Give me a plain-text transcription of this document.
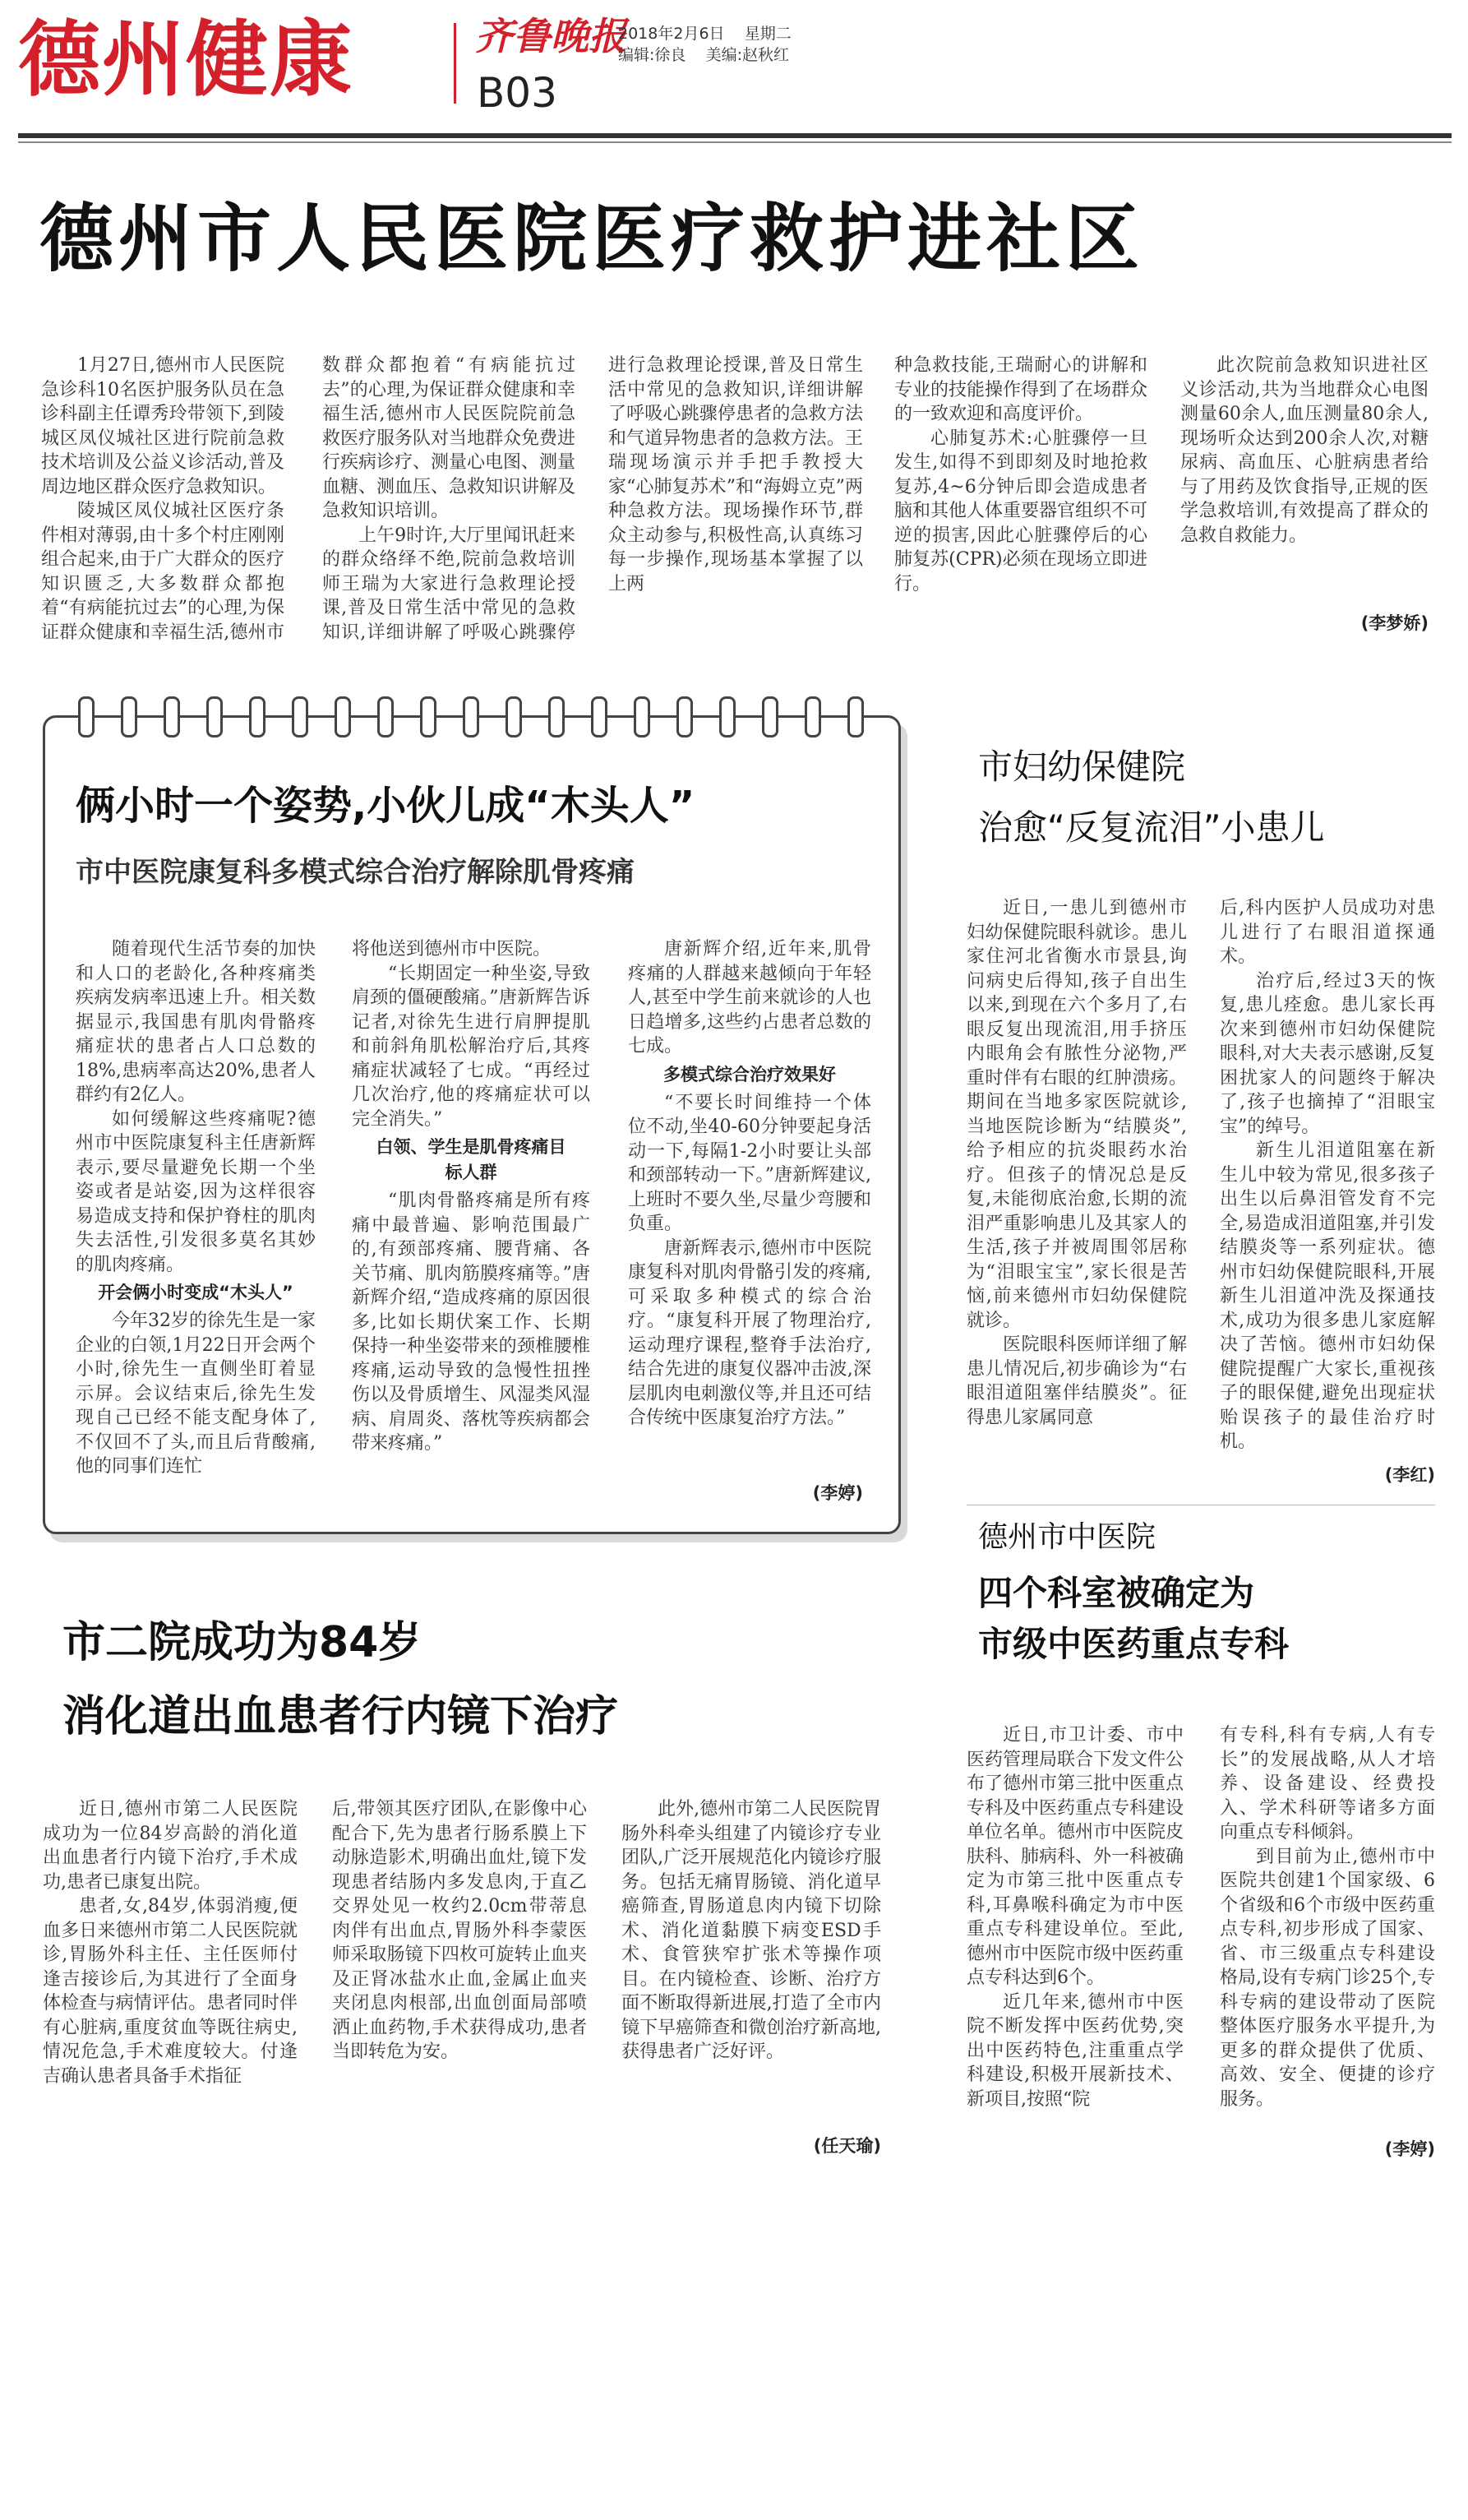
德州健康	齐鲁晚报
B03
2018年2月6日 星期二
编辑:徐良 美编:赵秋红
德州市人民医院医疗救护进社区

1月27日,德州市人民医院急诊科10名医护服务队员在急诊科副主任谭秀玲带领下,到陵城区凤仪城社区进行院前急救技术培训及公益义诊活动,普及周边地区群众医疗急救知识。

陵城区凤仪城社区医疗条件相对薄弱,由十多个村庄刚刚组合起来,由于广大群众的医疗知识匮乏,大多数群众都抱着“有病能抗过去”的心理,为保证群众健康和幸福生活,德州市

数群众都抱着“有病能抗过去”的心理,为保证群众健康和幸福生活,德州市人民医院院前急救医疗服务队对当地群众免费进行疾病诊疗、测量心电图、测量血糖、测血压、急救知识讲解及急救知识培训。

上午9时许,大厅里闻讯赶来的群众络绎不绝,院前急救培训师王瑞为大家进行急救理论授课,普及日常生活中常见的急救知识,详细讲解了呼吸心跳骤停

进行急救理论授课,普及日常生活中常见的急救知识,详细讲解了呼吸心跳骤停患者的急救方法和气道异物患者的急救方法。王瑞现场演示并手把手教授大家“心肺复苏术”和“海姆立克”两种急救方法。现场操作环节,群众主动参与,积极性高,认真练习每一步操作,现场基本掌握了以上两

种急救技能,王瑞耐心的讲解和专业的技能操作得到了在场群众的一致欢迎和高度评价。

心肺复苏术:心脏骤停一旦发生,如得不到即刻及时地抢救复苏,4~6分钟后即会造成患者脑和其他人体重要器官组织不可逆的损害,因此心脏骤停后的心肺复苏(CPR)必须在现场立即进行。

此次院前急救知识进社区义诊活动,共为当地群众心电图测量60余人,血压测量80余人,现场听众达到200余人次,对糖尿病、高血压、心脏病患者给与了用药及饮食指导,正规的医学急救培训,有效提高了群众的急救自救能力。

(李梦娇)
俩小时一个姿势,小伙儿成“木头人”
市中医院康复科多模式综合治疗解除肌骨疼痛

随着现代生活节奏的加快和人口的老龄化,各种疼痛类疾病发病率迅速上升。相关数据显示,我国患有肌肉骨骼疼痛症状的患者占人口总数的18%,患病率高达20%,患者人群约有2亿人。

如何缓解这些疼痛呢?德州市中医院康复科主任唐新辉表示,要尽量避免长期一个坐姿或者是站姿,因为这样很容易造成支持和保护脊柱的肌肉失去活性,引发很多莫名其妙的肌肉疼痛。

开会俩小时变成“木头人”

今年32岁的徐先生是一家企业的白领,1月22日开会两个小时,徐先生一直侧坐盯着显示屏。会议结束后,徐先生发现自己已经不能支配身体了,不仅回不了头,而且后背酸痛,他的同事们连忙

将他送到德州市中医院。

“长期固定一种坐姿,导致肩颈的僵硬酸痛。”唐新辉告诉记者,对徐先生进行肩胛提肌和前斜角肌松解治疗后,其疼痛症状减轻了七成。“再经过几次治疗,他的疼痛症状可以完全消失。”

白领、学生是肌骨疼痛目标人群

“肌肉骨骼疼痛是所有疼痛中最普遍、影响范围最广的,有颈部疼痛、腰背痛、各关节痛、肌肉筋膜疼痛等。”唐新辉介绍,“造成疼痛的原因很多,比如长期伏案工作、长期保持一种坐姿带来的颈椎腰椎疼痛,运动导致的急慢性扭挫伤以及骨质增生、风湿类风湿病、肩周炎、落枕等疾病都会带来疼痛。”

唐新辉介绍,近年来,肌骨疼痛的人群越来越倾向于年轻人,甚至中学生前来就诊的人也日趋增多,这些约占患者总数的七成。

多模式综合治疗效果好

“不要长时间维持一个体位不动,坐40-60分钟要起身活动一下,每隔1-2小时要让头部和颈部转动一下。”唐新辉建议,上班时不要久坐,尽量少弯腰和负重。

唐新辉表示,德州市中医院康复科对肌肉骨骼引发的疼痛,可采取多种模式的综合治疗。“康复科开展了物理治疗,运动理疗课程,整脊手法治疗,结合先进的康复仪器冲击波,深层肌肉电刺激仪等,并且还可结合传统中医康复治疗方法。”

(李婷)
市妇幼保健院
治愈“反复流泪”小患儿

近日,一患儿到德州市妇幼保健院眼科就诊。患儿家住河北省衡水市景县,询问病史后得知,孩子自出生以来,到现在六个多月了,右眼反复出现流泪,用手挤压内眼角会有脓性分泌物,严重时伴有右眼的红肿溃疡。期间在当地多家医院就诊,当地医院诊断为“结膜炎”,给予相应的抗炎眼药水治疗。但孩子的情况总是反复,未能彻底治愈,长期的流泪严重影响患儿及其家人的生活,孩子并被周围邻居称为“泪眼宝宝”,家长很是苦恼,前来德州市妇幼保健院就诊。

医院眼科医师详细了解患儿情况后,初步确诊为“右眼泪道阻塞伴结膜炎”。征得患儿家属同意

后,科内医护人员成功对患儿进行了右眼泪道探通术。

治疗后,经过3天的恢复,患儿痊愈。患儿家长再次来到德州市妇幼保健院眼科,对大夫表示感谢,反复困扰家人的问题终于解决了,孩子也摘掉了“泪眼宝宝”的绰号。

新生儿泪道阻塞在新生儿中较为常见,很多孩子出生以后鼻泪管发育不完全,易造成泪道阻塞,并引发结膜炎等一系列症状。德州市妇幼保健院眼科,开展新生儿泪道冲洗及探通技术,成功为很多患儿家庭解决了苦恼。德州市妇幼保健院提醒广大家长,重视孩子的眼保健,避免出现症状贻误孩子的最佳治疗时机。

(李红)
德州市中医院
四个科室被确定为
市级中医药重点专科

近日,市卫计委、市中医药管理局联合下发文件公布了德州市第三批中医重点专科及中医药重点专科建设单位名单。德州市中医院皮肤科、肺病科、外一科被确定为市第三批中医重点专科,耳鼻喉科确定为市中医重点专科建设单位。至此,德州市中医院市级中医药重点专科达到6个。

近几年来,德州市中医院不断发挥中医药优势,突出中医药特色,注重重点学科建设,积极开展新技术、新项目,按照“院

有专科,科有专病,人有专长”的发展战略,从人才培养、设备建设、经费投入、学术科研等诸多方面向重点专科倾斜。

到目前为止,德州市中医院共创建1个国家级、6个省级和6个市级中医药重点专科,初步形成了国家、省、市三级重点专科建设格局,设有专病门诊25个,专科专病的建设带动了医院整体医疗服务水平提升,为更多的群众提供了优质、高效、安全、便捷的诊疗服务。

(李婷)
市二院成功为84岁
消化道出血患者行内镜下治疗

近日,德州市第二人民医院成功为一位84岁高龄的消化道出血患者行内镜下治疗,手术成功,患者已康复出院。

患者,女,84岁,体弱消瘦,便血多日来德州市第二人民医院就诊,胃肠外科主任、主任医师付逢吉接诊后,为其进行了全面身体检查与病情评估。患者同时伴有心脏病,重度贫血等既往病史,情况危急,手术难度较大。付逢吉确认患者具备手术指征

后,带领其医疗团队,在影像中心配合下,先为患者行肠系膜上下动脉造影术,明确出血灶,镜下发现患者结肠内多发息肉,于直乙交界处见一枚约2.0cm带蒂息肉伴有出血点,胃肠外科李蒙医师采取肠镜下四枚可旋转止血夹及正肾冰盐水止血,金属止血夹夹闭息肉根部,出血创面局部喷洒止血药物,手术获得成功,患者当即转危为安。

此外,德州市第二人民医院胃肠外科牵头组建了内镜诊疗专业团队,广泛开展规范化内镜诊疗服务。包括无痛胃肠镜、消化道早癌筛查,胃肠道息肉内镜下切除术、消化道黏膜下病变ESD手术、食管狭窄扩张术等操作项目。在内镜检查、诊断、治疗方面不断取得新进展,打造了全市内镜下早癌筛查和微创治疗新高地,获得患者广泛好评。

(任天瑜)
